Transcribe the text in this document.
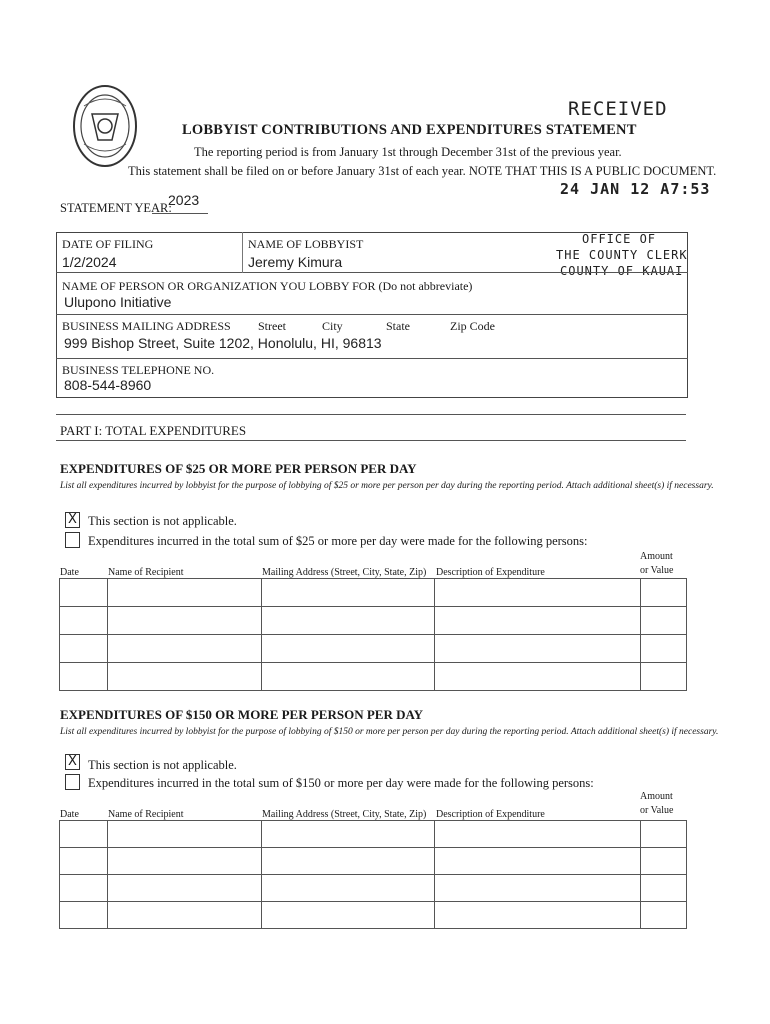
LOBBYIST CONTRIBUTIONS AND EXPENDITURES STATEMENT
The reporting period is from January 1st through December 31st of the previous year.
This statement shall be filed on or before January 31st of each year. NOTE THAT THIS IS A PUBLIC DOCUMENT.
RECEIVED
24 JAN 12 A7:53
OFFICE OF
THE COUNTY CLERK
COUNTY OF KAUAI
STATEMENT YEAR:
2023
DATE OF FILING
1/2/2024
NAME OF LOBBYIST
Jeremy Kimura
NAME OF PERSON OR ORGANIZATION YOU LOBBY FOR (Do not abbreviate)
Ulupono Initiative
BUSINESS MAILING ADDRESS Street	City	State	Zip Code
999 Bishop Street, Suite 1202, Honolulu, HI, 96813
BUSINESS TELEPHONE NO.
808-544-8960
PART I: TOTAL EXPENDITURES
EXPENDITURES OF $25 OR MORE PER PERSON PER DAY
List all expenditures incurred by lobbyist for the purpose of lobbying of $25 or more per person per day during the reporting period. Attach additional sheet(s) if necessary.
X This section is not applicable.
Expenditures incurred in the total sum of $25 or more per day were made for the following persons:
Amount
or Value
Date	Name of Recipient	Mailing Address (Street, City, State, Zip) Description of Expenditure

EXPENDITURES OF $150 OR MORE PER PERSON PER DAY
List all expenditures incurred by lobbyist for the purpose of lobbying of $150 or more per person per day during the reporting period. Attach additional sheet(s) if necessary.
X This section is not applicable.
Expenditures incurred in the total sum of $150 or more per day were made for the following persons:
Amount
or Value
Date	Name of Recipient	Mailing Address (Street, City, State, Zip) Description of Expenditure
